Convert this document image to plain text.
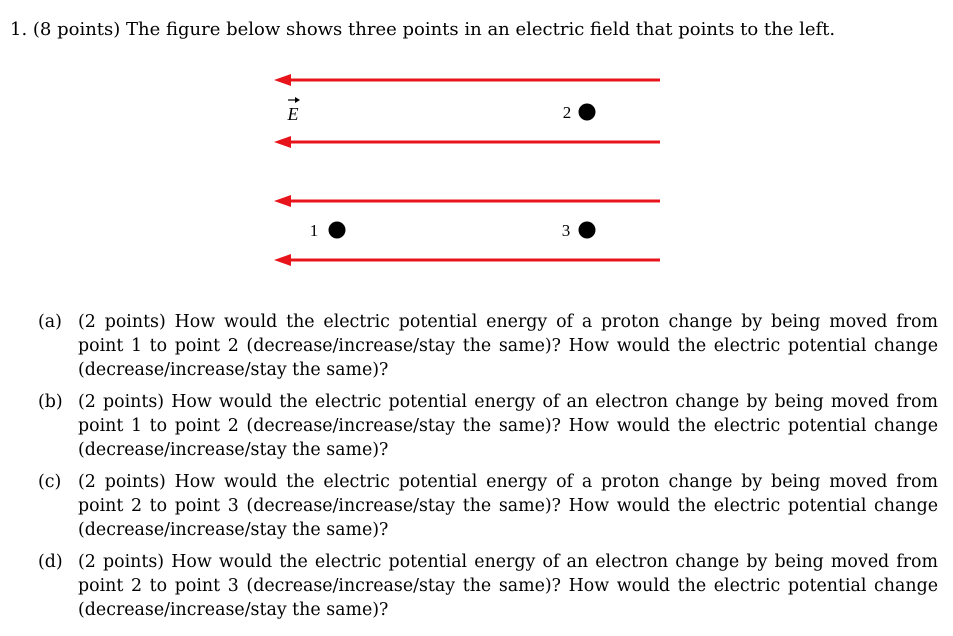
1. (8 points) The figure below shows three points in an electric field that points to the left.
E	2
1	3
(a) (2 points) How would the electric potential energy of a proton change by being moved from point 1 to point 2 (decrease/increase/stay the same)? How would the electric potential change (decrease/increase/stay the same)?
(b) (2 points) How would the electric potential energy of an electron change by being moved from point 1 to point 2 (decrease/increase/stay the same)? How would the electric potential change (decrease/increase/stay the same)?
(c) (2 points) How would the electric potential energy of a proton change by being moved from point 2 to point 3 (decrease/increase/stay the same)? How would the electric potential change (decrease/increase/stay the same)?
(d) (2 points) How would the electric potential energy of an electron change by being moved from point 2 to point 3 (decrease/increase/stay the same)? How would the electric potential change (decrease/increase/stay the same)?
